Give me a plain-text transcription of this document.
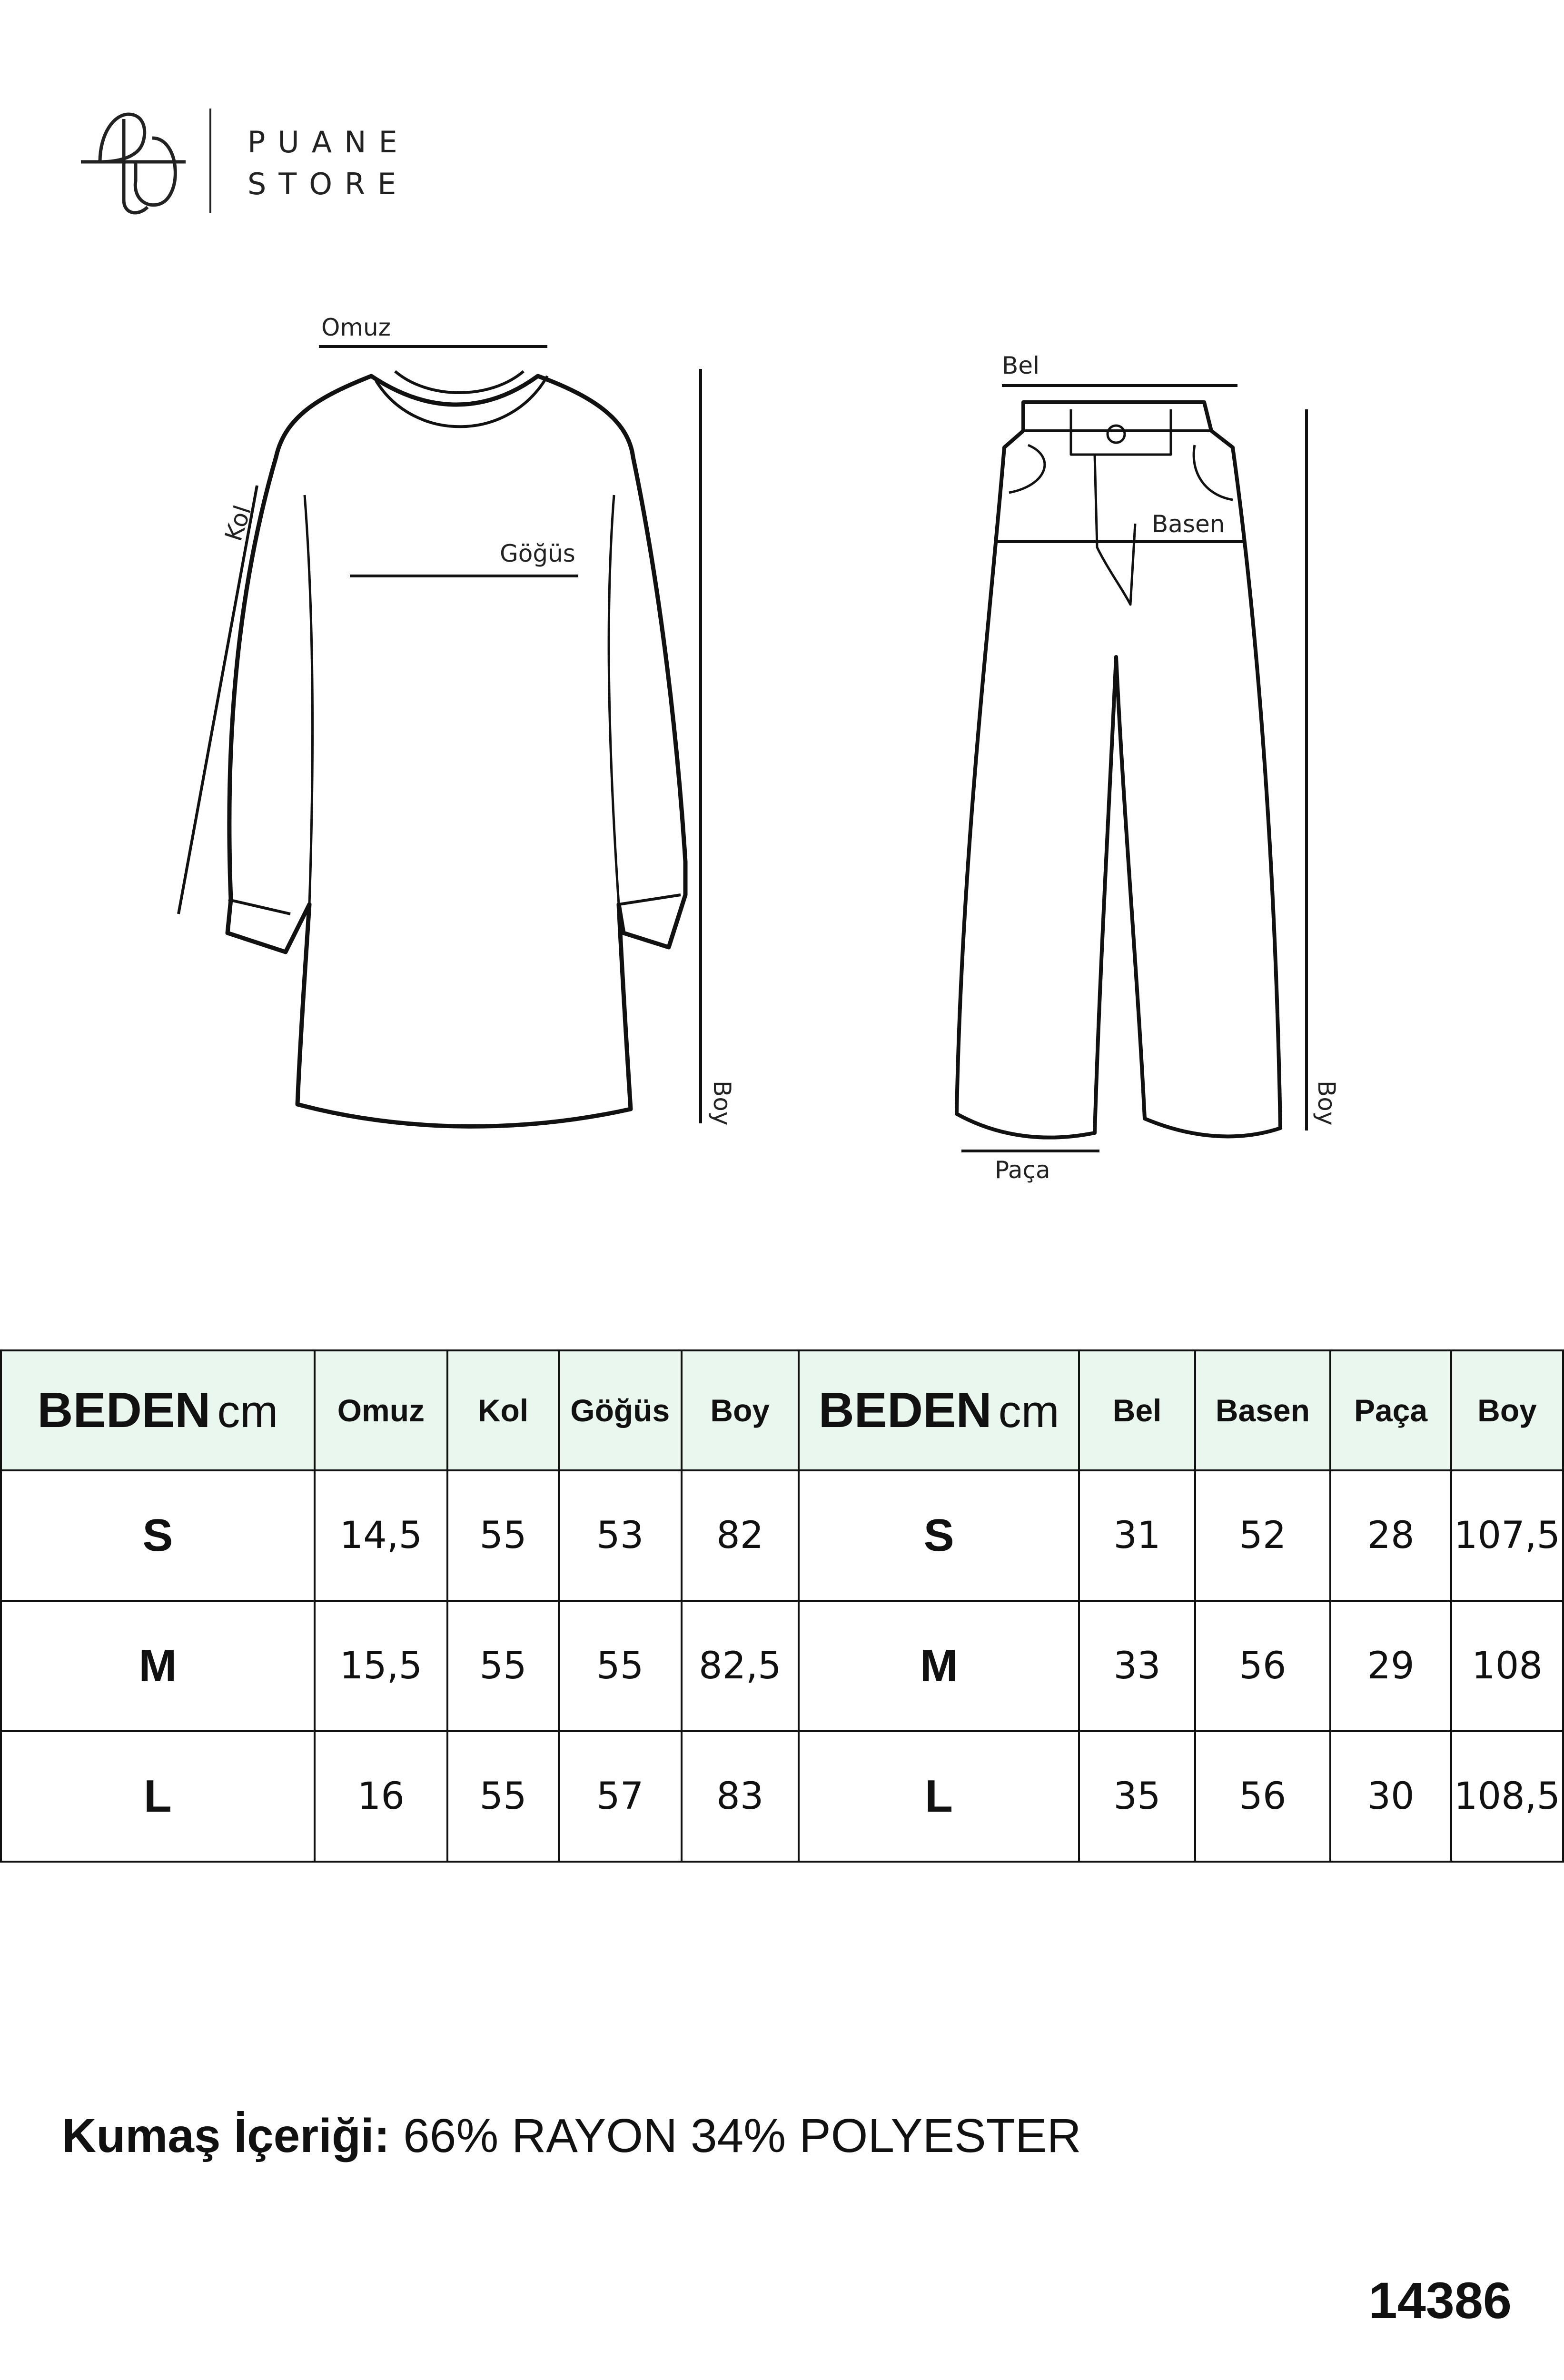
PUANE
STORE
Omuz
Göğüs
Kol
Boy
Bel
Basen
Paça
Boy
BEDEN cm	Omuz	Kol	Göğüs	Boy
S	14,5	55	53	82
M	15,5	55	55	82,5
L	16	55	57	83
BEDEN cm	Bel	Basen	Paça	Boy
S	31	52	28	107,5
M	33	56	29	108
L	35	56	30	108,5
Kumaş İçeriği: 66% RAYON 34% POLYESTER
14386
